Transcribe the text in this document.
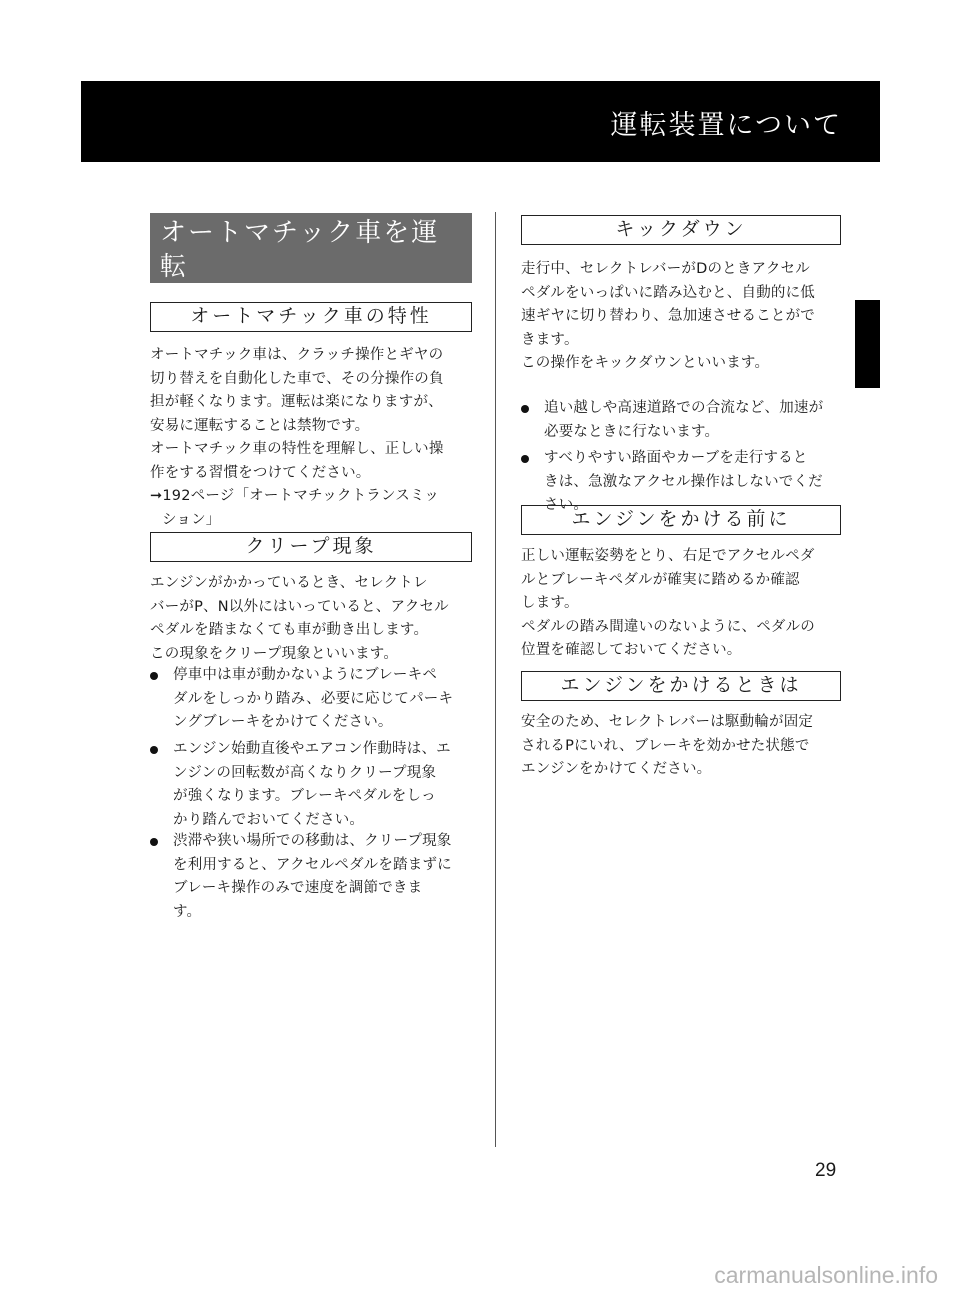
運転装置について
オートマチック車を運転
するとき
オートマチック車の特性

オートマチック車は、クラッチ操作とギヤの

切り替えを自動化した車で、その分操作の負

担が軽くなります。運転は楽になりますが、

安易に運転することは禁物です。

オートマチック車の特性を理解し、正しい操

作をする習慣をつけてください。

➞192ページ「オートマチックトランスミッ

ション」

クリープ現象

エンジンがかかっているとき、セレクトレ

バーがP、N以外にはいっていると、アクセル

ペダルを踏まなくても車が動き出します。

この現象をクリープ現象といいます。

停車中は車が動かないようにブレーキペ
ダルをしっかり踏み、必要に応じてパーキ
ングブレーキをかけてください。
エンジン始動直後やエアコン作動時は、エ
ンジンの回転数が高くなりクリープ現象
が強くなります。ブレーキペダルをしっ
かり踏んでおいてください。
渋滞や狭い場所での移動は、クリープ現象
を利用すると、アクセルペダルを踏まずに
ブレーキ操作のみで速度を調節できま
す。
キックダウン

走行中、セレクトレバーがDのときアクセル

ペダルをいっぱいに踏み込むと、自動的に低

速ギヤに切り替わり、急加速させることがで

きます。

この操作をキックダウンといいます。

追い越しや高速道路での合流など、加速が
必要なときに行ないます。
すべりやすい路面やカーブを走行すると
きは、急激なアクセル操作はしないでくだ
さい。
エンジンをかける前に

正しい運転姿勢をとり、右足でアクセルペダ

ルとブレーキペダルが確実に踏めるか確認

します。

ペダルの踏み間違いのないように、ペダルの

位置を確認しておいてください。

エンジンをかけるときは

安全のため、セレクトレバーは駆動輪が固定

されるPにいれ、ブレーキを効かせた状態で

エンジンをかけてください。

29
carmanualsonline.info
